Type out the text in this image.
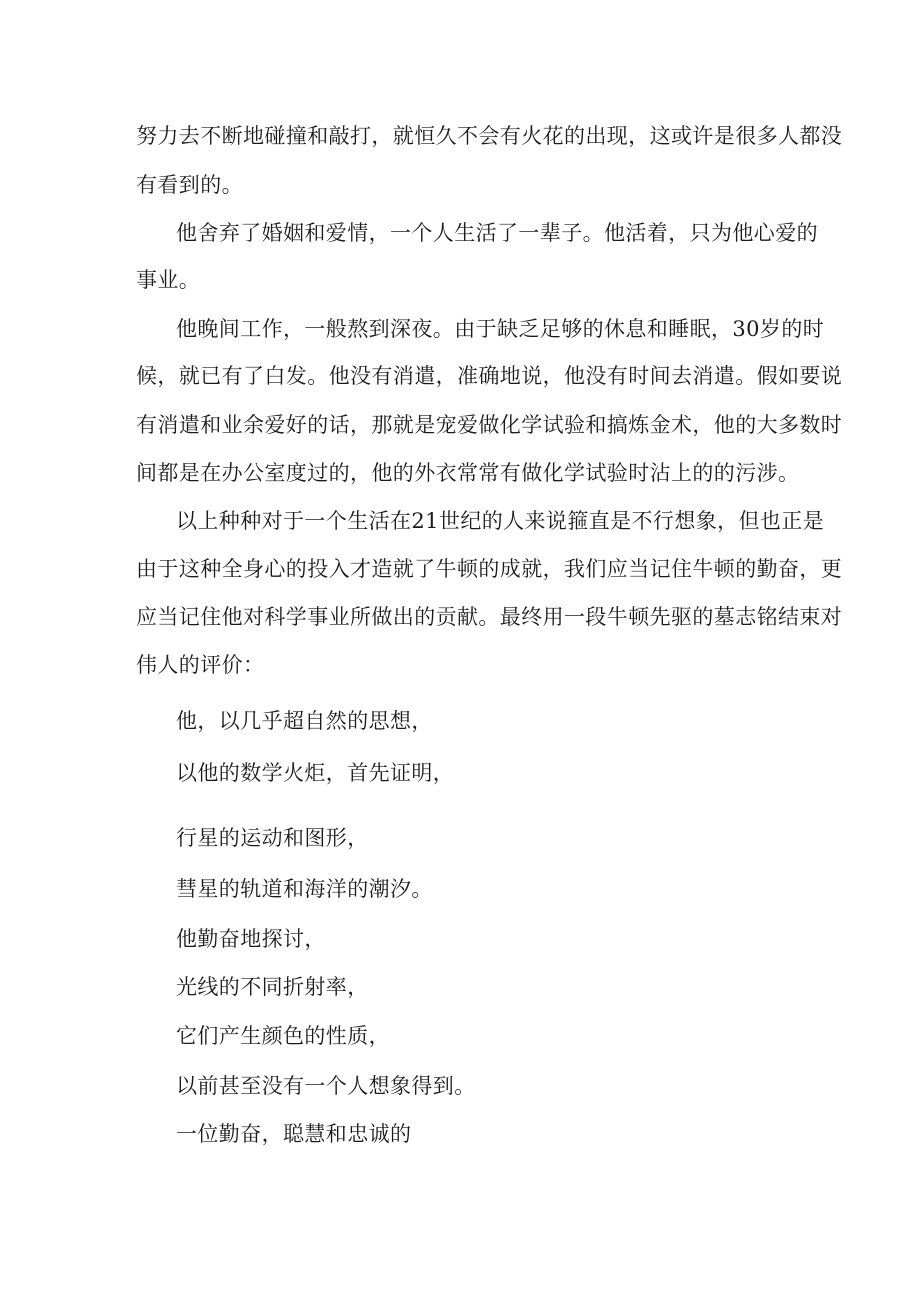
努力去不断地碰撞和敲打，就恒久不会有火花的出现，这或许是很多人都没
有看到的。
他舍弃了婚姻和爱情，一个人生活了一辈子。他活着，只为他心爱的
事业。
他晚间工作，一般熬到深夜。由于缺乏足够的休息和睡眠，30岁的时
候，就已有了白发。他没有消遣，准确地说，他没有时间去消遣。假如要说
有消遣和业余爱好的话，那就是宠爱做化学试验和搞炼金术，他的大多数时
间都是在办公室度过的，他的外衣常常有做化学试验时沾上的的污涉。
以上种种对于一个生活在21世纪的人来说箍直是不行想象，但也正是
由于这种全身心的投入才造就了牛顿的成就，我们应当记住牛顿的勤奋，更
应当记住他对科学事业所做出的贡献。最终用一段牛顿先驱的墓志铭结束对
伟人的评价：
他，以几乎超自然的思想，
以他的数学火炬，首先证明，
行星的运动和图形，
彗星的轨道和海洋的潮汐。
他勤奋地探讨，
光线的不同折射率，
它们产生颜色的性质，
以前甚至没有一个人想象得到。
一位勤奋，聪慧和忠诚的
